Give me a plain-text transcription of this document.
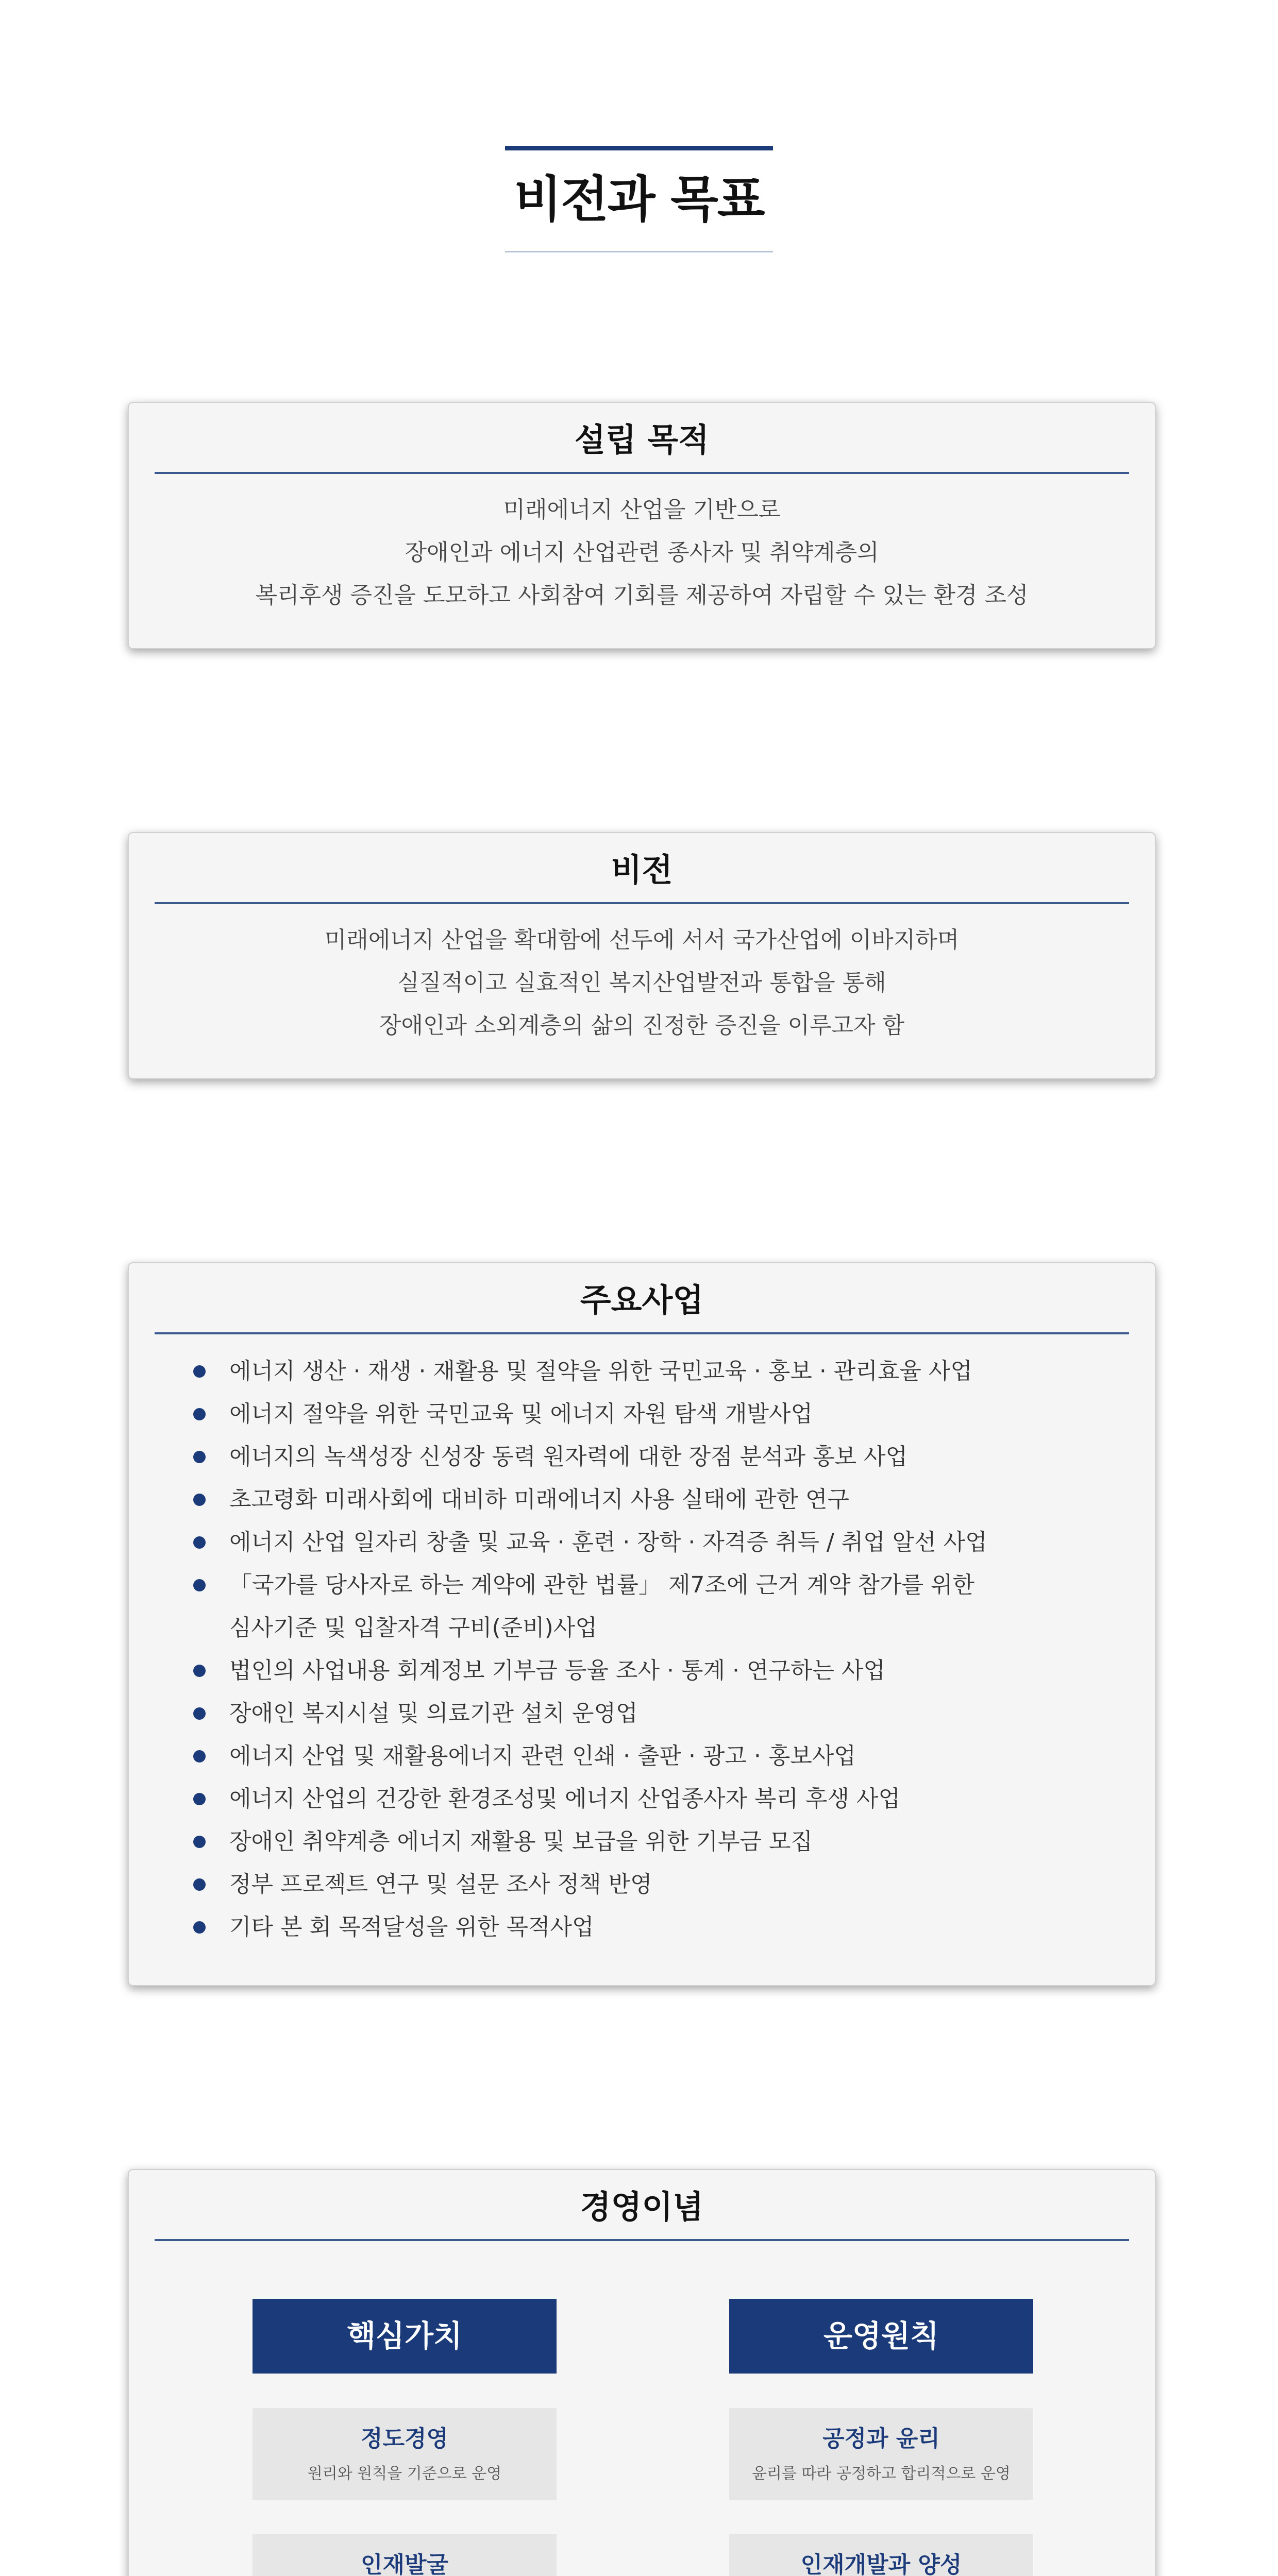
비전과 목표
설립 목적
미래에너지 산업을 기반으로
장애인과 에너지 산업관련 종사자 및 취약계층의
복리후생 증진을 도모하고 사회참여 기회를 제공하여 자립할 수 있는 환경 조성
비전
미래에너지 산업을 확대함에 선두에 서서 국가산업에 이바지하며
실질적이고 실효적인 복지산업발전과 통합을 통해
장애인과 소외계층의 삶의 진정한 증진을 이루고자 함
주요사업
에너지 생산 · 재생 · 재활용 및 절약을 위한 국민교육 · 홍보 · 관리효율 사업
에너지 절약을 위한 국민교육 및 에너지 자원 탐색 개발사업
에너지의 녹색성장 신성장 동력 원자력에 대한 장점 분석과 홍보 사업
초고령화 미래사회에 대비하 미래에너지 사용 실태에 관한 연구
에너지 산업 일자리 창출 및 교육 · 훈련 · 장학 · 자격증 취득 / 취업 알선 사업
「국가를 당사자로 하는 계약에 관한 법률」 제7조에 근거 계약 참가를 위한
심사기준 및 입찰자격 구비(준비)사업
법인의 사업내용 회계정보 기부금 등율 조사 · 통계 · 연구하는 사업
장애인 복지시설 및 의료기관 설치 운영업
에너지 산업 및 재활용에너지 관련 인쇄 · 출판 · 광고 · 홍보사업
에너지 산업의 건강한 환경조성및 에너지 산업종사자 복리 후생 사업
장애인 취약계층 에너지 재활용 및 보급을 위한 기부금 모집
정부 프로젝트 연구 및 설문 조사 정책 반영
기타 본 회 목적달성을 위한 목적사업
경영이념
핵심가치
정도경영
원리와 원칙을 기준으로 운영
인재발굴
운영원칙
공정과 윤리
윤리를 따라 공정하고 합리적으로 운영
인재개발과 양성
